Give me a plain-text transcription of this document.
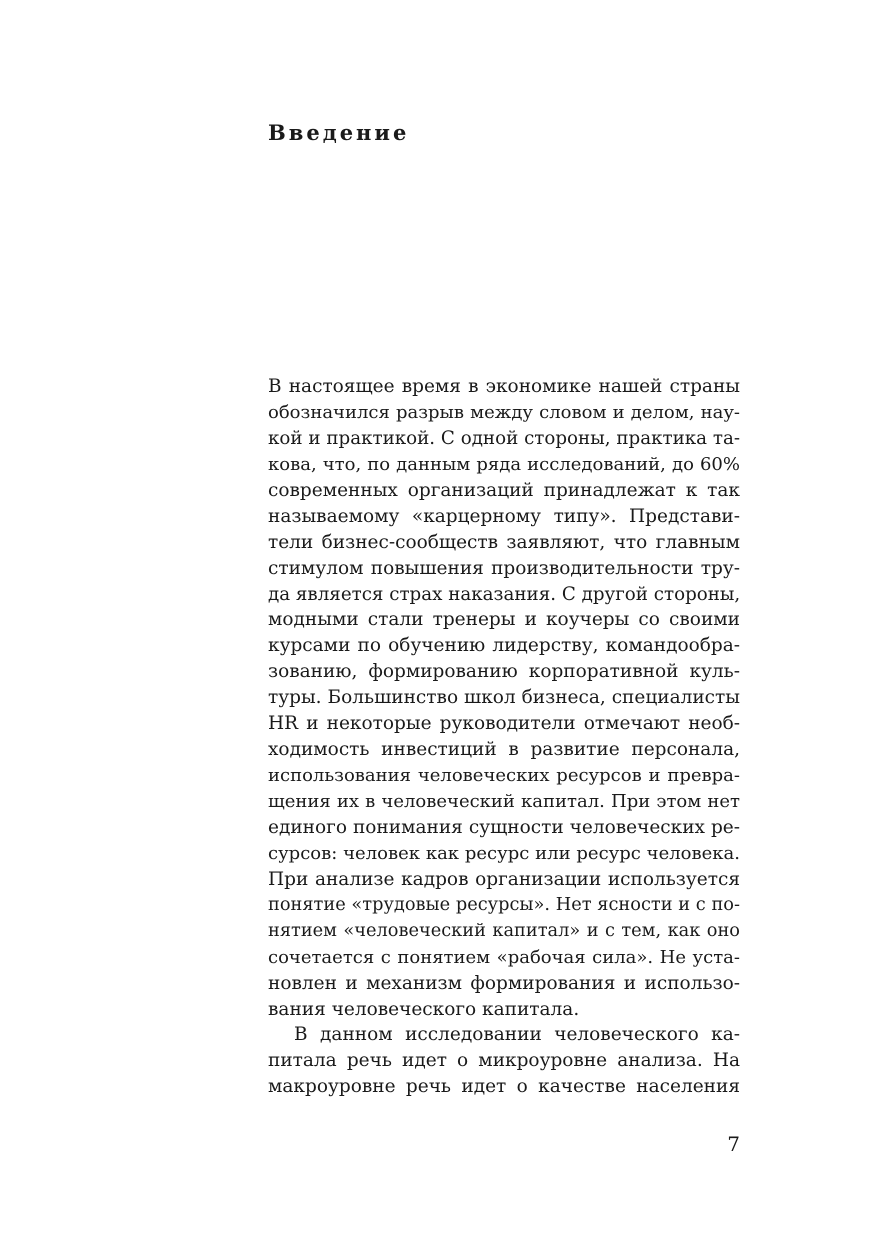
Введение
В настоящее время в экономике нашей страны
обозначился разрыв между словом и делом, нау-
кой и практикой. С одной стороны, практика та-
кова, что, по данным ряда исследований, до 60%
современных организаций принадлежат к так
называемому «карцерному типу». Представи-
тели бизнес-сообществ заявляют, что главным
стимулом повышения производительности тру-
да является страх наказания. С другой стороны,
модными стали тренеры и коучеры со своими
курсами по обучению лидерству, командообра-
зованию, формированию корпоративной куль-
туры. Большинство школ бизнеса, специалисты
HR и некоторые руководители отмечают необ-
ходимость инвестиций в развитие персонала,
использования человеческих ресурсов и превра-
щения их в человеческий капитал. При этом нет
единого понимания сущности человеческих ре-
сурсов: человек как ресурс или ресурс человека.
При анализе кадров организации используется
понятие «трудовые ресурсы». Нет ясности и с по-
нятием «человеческий капитал» и с тем, как оно
сочетается с понятием «рабочая сила». Не уста-
новлен и механизм формирования и использо-
вания человеческого капитала.
В данном исследовании человеческого ка-
питала речь идет о микроуровне анализа. На
макроуровне речь идет о качестве населения
7
